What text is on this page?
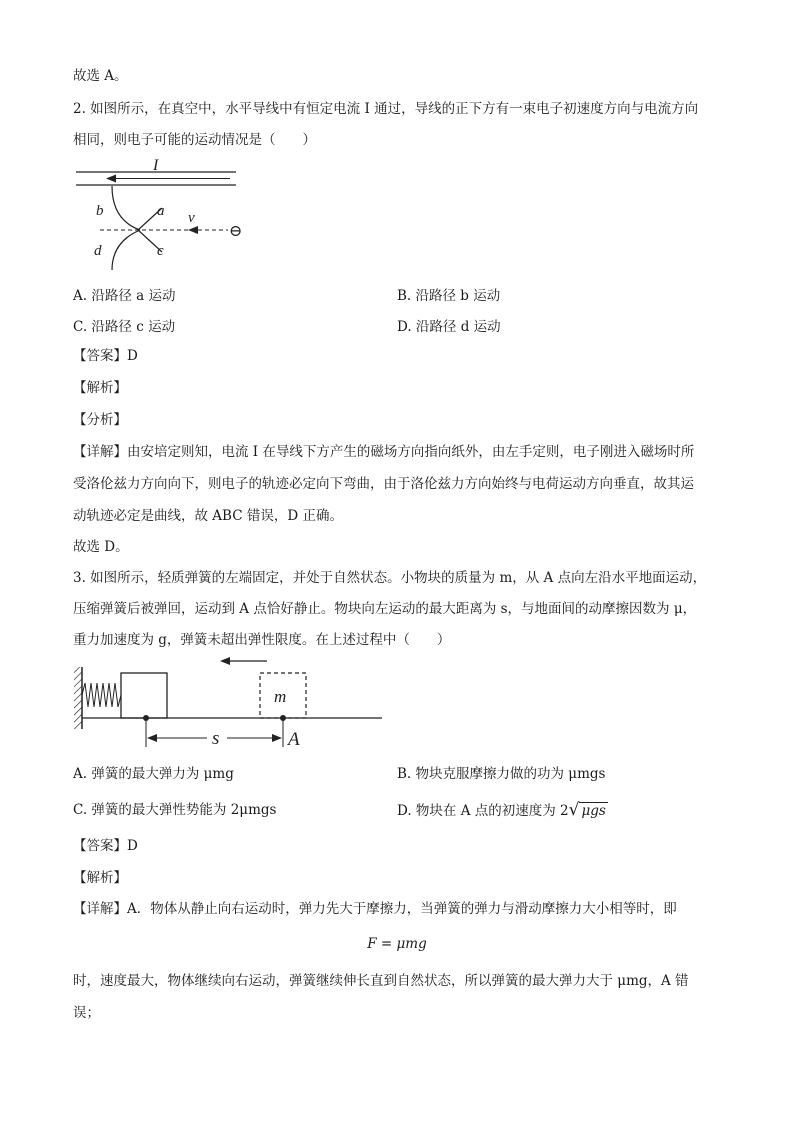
故选 A。
2. 如图所示，在真空中，水平导线中有恒定电流 I 通过，导线的正下方有一束电子初速度方向与电流方向
相同，则电子可能的运动情况是（　　）
I
a
b
c
d
v
⊖
A. 沿路径 a 运动	B. 沿路径 b 运动
C. 沿路径 c 运动	D. 沿路径 d 运动
【答案】D
【解析】
【分析】
【详解】由安培定则知，电流 I 在导线下方产生的磁场方向指向纸外，由左手定则，电子刚进入磁场时所
受洛伦兹力方向向下，则电子的轨迹必定向下弯曲，由于洛伦兹力方向始终与电荷运动方向垂直，故其运
动轨迹必定是曲线，故 ABC 错误，D 正确。
故选 D。
3. 如图所示，轻质弹簧的左端固定，并处于自然状态。小物块的质量为 m，从 A 点向左沿水平地面运动，
压缩弹簧后被弹回，运动到 A 点恰好静止。物块向左运动的最大距离为 s，与地面间的动摩擦因数为 μ，
重力加速度为 g，弹簧未超出弹性限度。在上述过程中（　　）
m
s	A
A. 弹簧的最大弹力为 μmg	B. 物块克服摩擦力做的功为 μmgs
C. 弹簧的最大弹性势能为 2μmgs	D. 物块在 A 点的初速度为 2√ μgs
【答案】D
【解析】
【详解】A．物体从静止向右运动时，弹力先大于摩擦力，当弹簧的弹力与滑动摩擦力大小相等时，即
F = μmg
时，速度最大，物体继续向右运动，弹簧继续伸长直到自然状态，所以弹簧的最大弹力大于 μmg，A 错
误；
